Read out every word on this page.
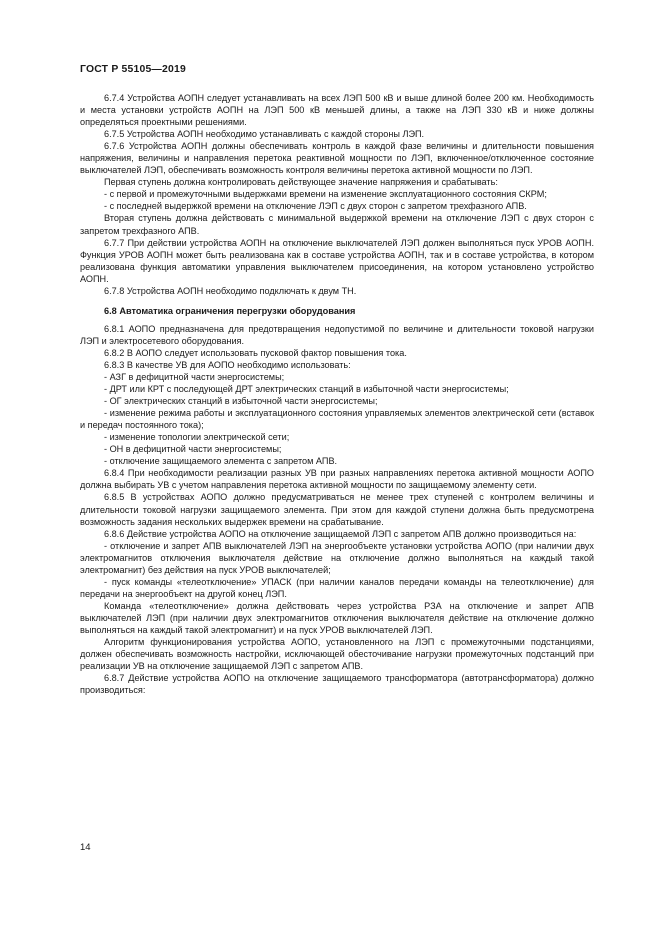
ГОСТ Р 55105—2019

6.7.4 Устройства АОПН следует устанавливать на всех ЛЭП 500 кВ и выше длиной более 200 км. Необходимость и места установки устройств АОПН на ЛЭП 500 кВ меньшей длины, а также на ЛЭП 330 кВ и ниже должны определяться проектными решениями.

6.7.5 Устройства АОПН необходимо устанавливать с каждой стороны ЛЭП.

6.7.6 Устройства АОПН должны обеспечивать контроль в каждой фазе величины и длительности повышения напряжения, величины и направления перетока реактивной мощности по ЛЭП, включенное/отключенное состояние выключателей ЛЭП, обеспечивать возможность контроля величины перетока активной мощности по ЛЭП.

Первая ступень должна контролировать действующее значение напряжения и срабатывать:

- с первой и промежуточными выдержками времени на изменение эксплуатационного состояния СКРМ;

- с последней выдержкой времени на отключение ЛЭП с двух сторон с запретом трехфазного АПВ.

Вторая ступень должна действовать с минимальной выдержкой времени на отключение ЛЭП с двух сторон с запретом трехфазного АПВ.

6.7.7 При действии устройства АОПН на отключение выключателей ЛЭП должен выполняться пуск УРОВ АОПН. Функция УРОВ АОПН может быть реализована как в составе устройства АОПН, так и в составе устройства, в котором реализована функция автоматики управления выключателем присоединения, на котором установлено устройство АОПН.

6.7.8 Устройства АОПН необходимо подключать к двум ТН.

6.8 Автоматика ограничения перегрузки оборудования

6.8.1 АОПО предназначена для предотвращения недопустимой по величине и длительности токовой нагрузки ЛЭП и электросетевого оборудования.

6.8.2 В АОПО следует использовать пусковой фактор повышения тока.

6.8.3 В качестве УВ для АОПО необходимо использовать:

- АЗГ в дефицитной части энергосистемы;

- ДРТ или КРТ с последующей ДРТ электрических станций в избыточной части энергосистемы;

- ОГ электрических станций в избыточной части энергосистемы;

- изменение режима работы и эксплуатационного состояния управляемых элементов электрической сети (вставок и передач постоянного тока);

- изменение топологии электрической сети;

- ОН в дефицитной части энергосистемы;

- отключение защищаемого элемента с запретом АПВ.

6.8.4 При необходимости реализации разных УВ при разных направлениях перетока активной мощности АОПО должна выбирать УВ с учетом направления перетока активной мощности по защищаемому элементу сети.

6.8.5 В устройствах АОПО должно предусматриваться не менее трех ступеней с контролем величины и длительности токовой нагрузки защищаемого элемента. При этом для каждой ступени должна быть предусмотрена возможность задания нескольких выдержек времени на срабатывание.

6.8.6 Действие устройства АОПО на отключение защищаемой ЛЭП с запретом АПВ должно производиться на:

- отключение и запрет АПВ выключателей ЛЭП на энергообъекте установки устройства АОПО (при наличии двух электромагнитов отключения выключателя действие на отключение должно выполняться на каждый такой электромагнит) без действия на пуск УРОВ выключателей;

- пуск команды «телеотключение» УПАСК (при наличии каналов передачи команды на телеотключение) для передачи на энергообъект на другой конец ЛЭП.

Команда «телеотключение» должна действовать через устройства РЗА на отключение и запрет АПВ выключателей ЛЭП (при наличии двух электромагнитов отключения выключателя действие на отключение должно выполняться на каждый такой электромагнит) и на пуск УРОВ выключателей ЛЭП.

Алгоритм функционирования устройства АОПО, установленного на ЛЭП с промежуточными подстанциями, должен обеспечивать возможность настройки, исключающей обесточивание нагрузки промежуточных подстанций при реализации УВ на отключение защищаемой ЛЭП с запретом АПВ.

6.8.7 Действие устройства АОПО на отключение защищаемого трансформатора (автотрансформатора) должно производиться:

14
